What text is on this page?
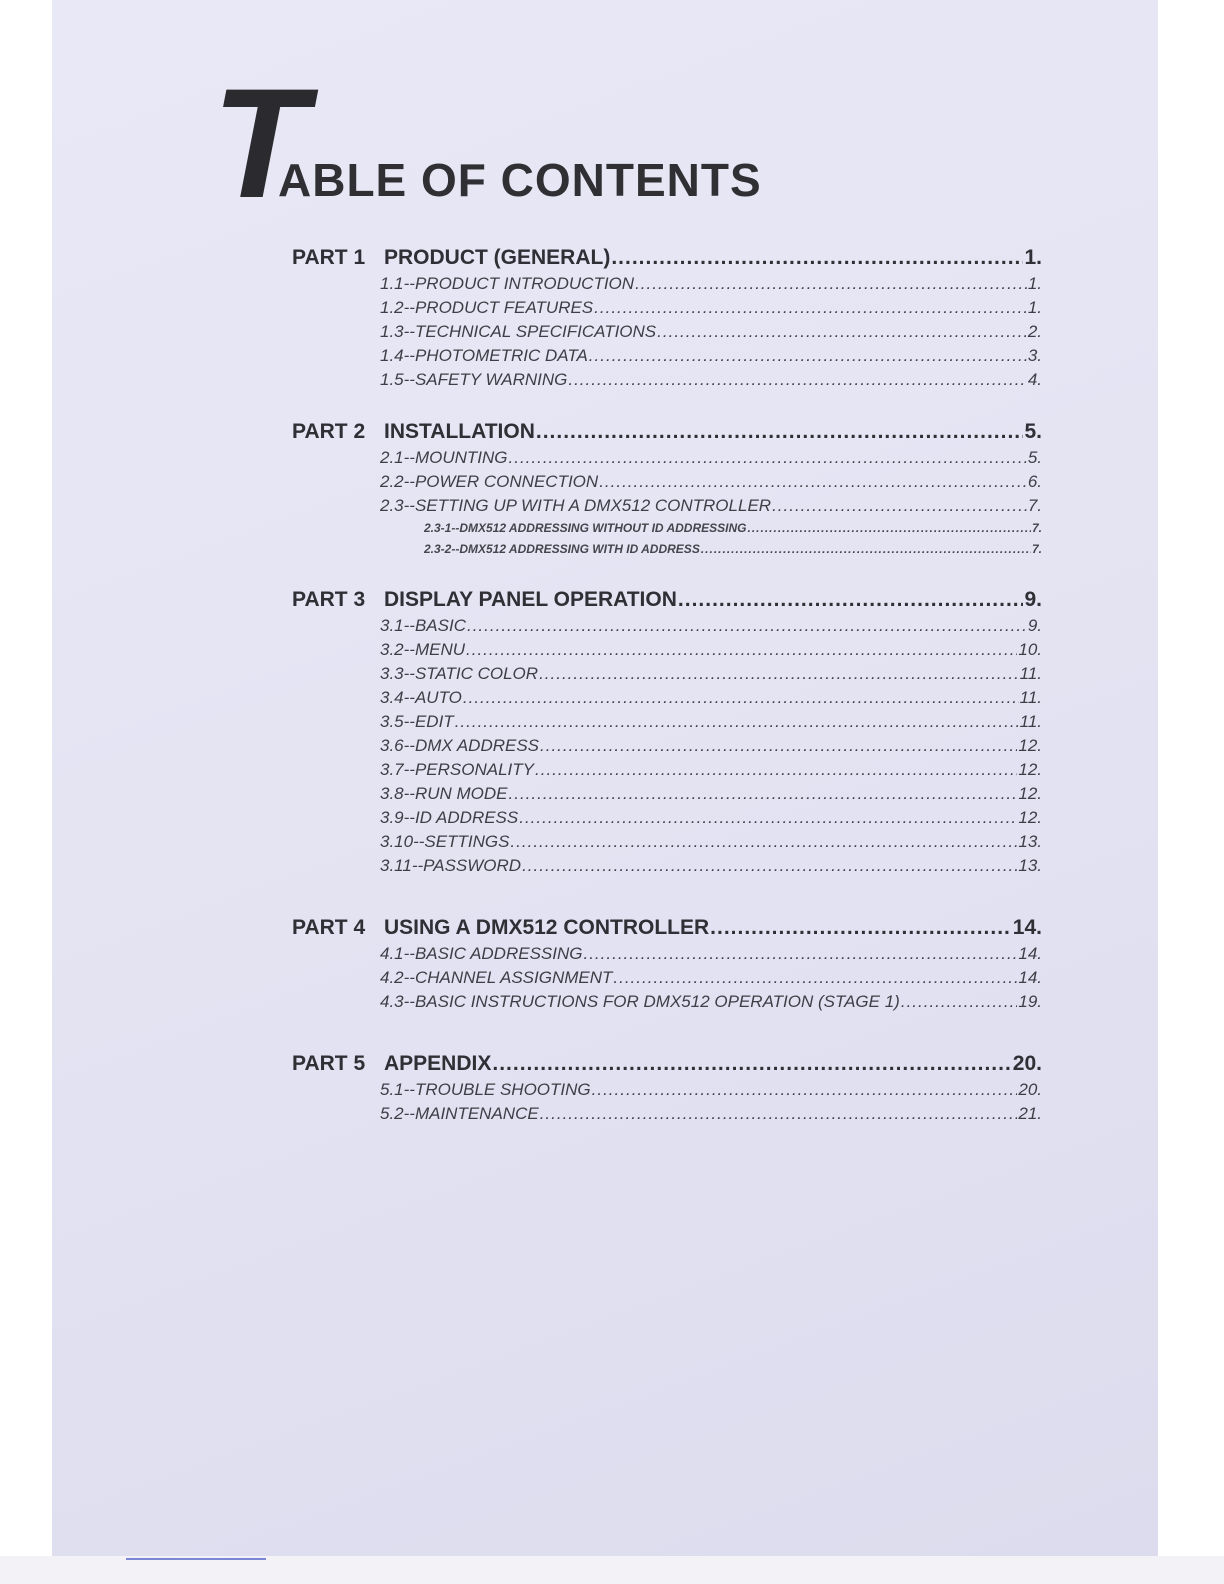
T
ABLE OF CONTENTS
PART 1 PRODUCT (GENERAL) .....	1.
1.1--PRODUCT INTRODUCTION .....	1.
1.2--PRODUCT FEATURES .....	1.
1.3--TECHNICAL SPECIFICATIONS .....	2.
1.4--PHOTOMETRIC DATA .....	3.
1.5--SAFETY WARNING .....	4.
PART 2 INSTALLATION .....	5.
2.1--MOUNTING .....	5.
2.2--POWER CONNECTION .....	6.
2.3--SETTING UP WITH A DMX512 CONTROLLER .....	7.
2.3-1--DMX512 ADDRESSING WITHOUT ID ADDRESSING .....	7.
2.3-2--DMX512 ADDRESSING WITH ID ADDRESS .....	7.
PART 3 DISPLAY PANEL OPERATION .....	9.
3.1--BASIC .....	9.
3.2--MENU .....	10.
3.3--STATIC COLOR .....	11.
3.4--AUTO .....	11.
3.5--EDIT .....	11.
3.6--DMX ADDRESS .....	12.
3.7--PERSONALITY .....	12.
3.8--RUN MODE .....	12.
3.9--ID ADDRESS .....	12.
3.10--SETTINGS .....	13.
3.11--PASSWORD .....	13.
PART 4 USING A DMX512 CONTROLLER .....	14.
4.1--BASIC ADDRESSING .....	14.
4.2--CHANNEL ASSIGNMENT .....	14.
4.3--BASIC INSTRUCTIONS FOR DMX512 OPERATION (STAGE 1) .....	19.
PART 5 APPENDIX .....	20.
5.1--TROUBLE SHOOTING .....	20.
5.2--MAINTENANCE .....	21.
